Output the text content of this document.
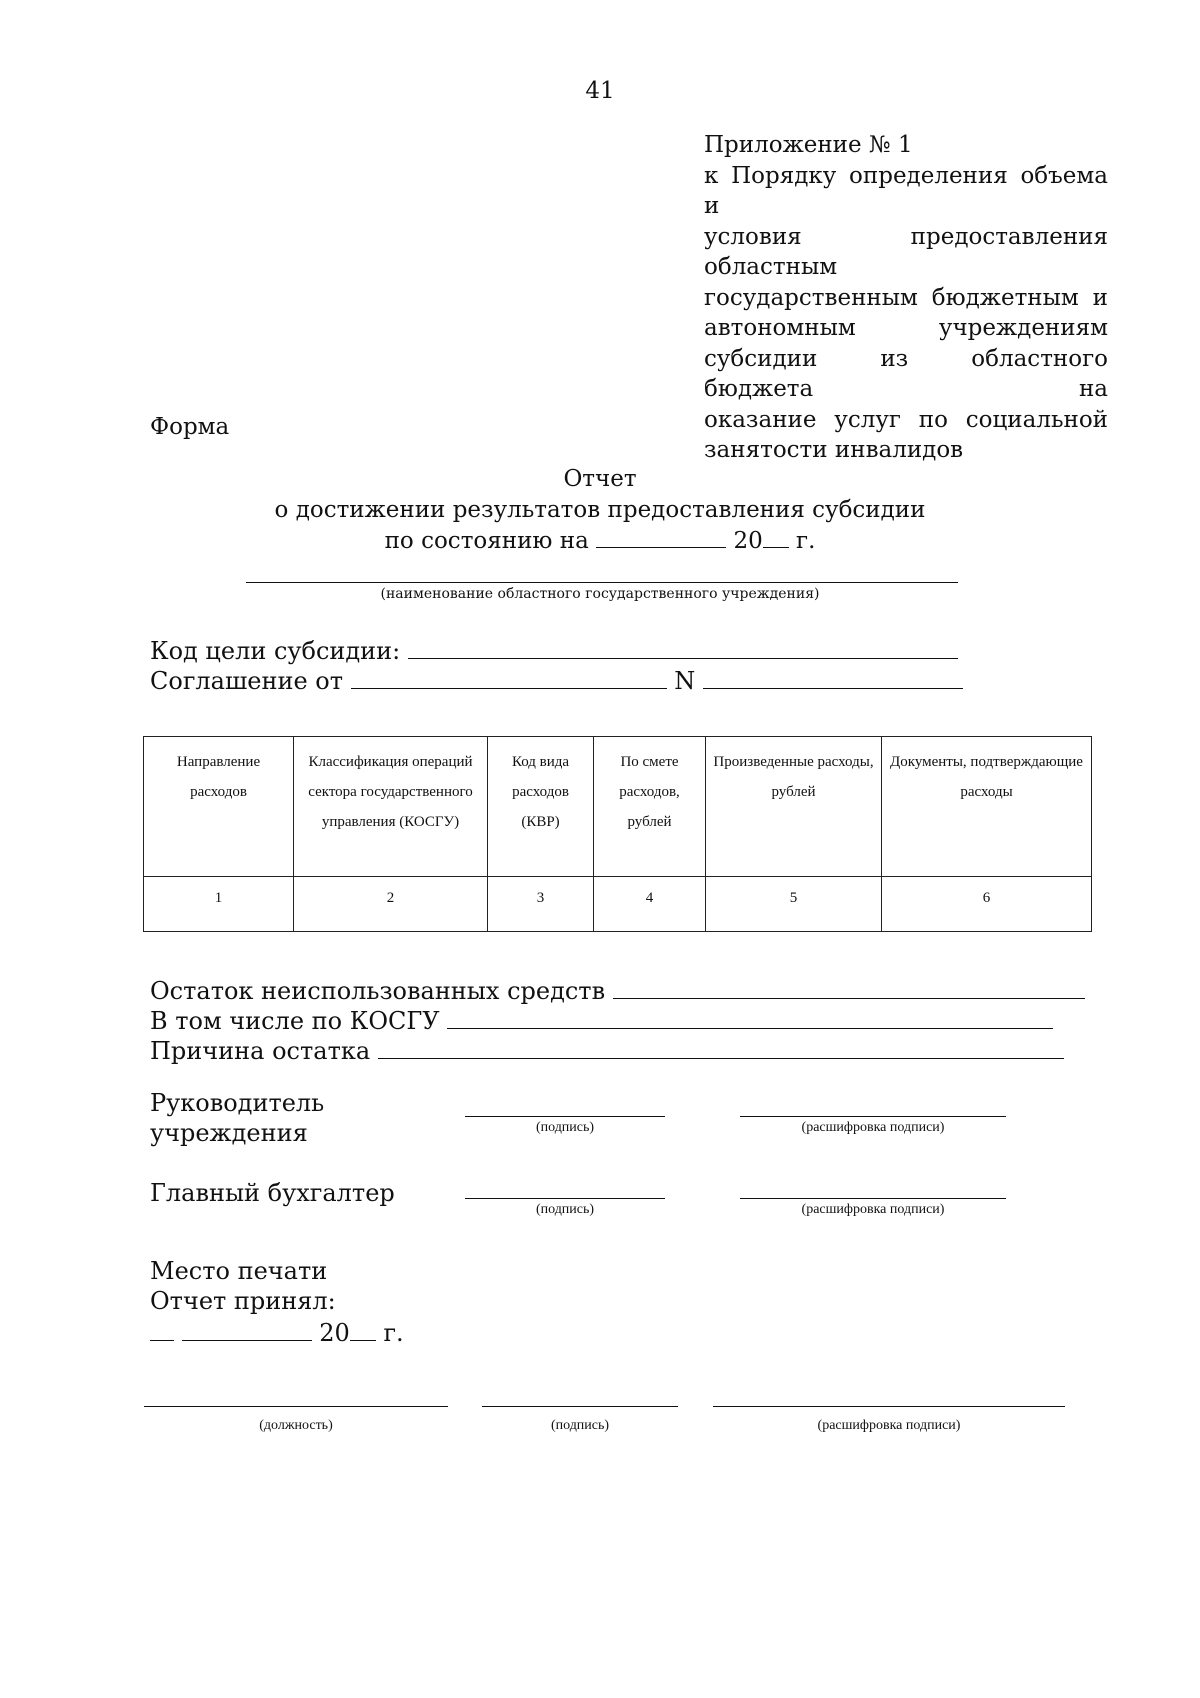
41
Приложение № 1
к Порядку определения объема и
условия предоставления областным
государственным бюджетным и
автономным учреждениям
субсидии из областного бюджета на
оказание услуг по социальной
занятости инвалидов
Форма
Отчет
о достижении результатов предоставления субсидии
по состоянию на	20 г.
(наименование областного государственного учреждения)
Код цели субсидии:
Соглашение от	N
Направление расходов	Классификация операций сектора государственного управления (КОСГУ)	Код вида расходов (КВР)	По смете расходов, рублей	Произведенные расходы, рублей	Документы, подтверждающие расходы
1	2	3	4	5	6
Остаток неиспользованных средств
В том числе по КОСГУ
Причина остатка
Руководитель
учреждения	(подпись)	(расшифровка подписи)
Главный бухгалтер
(подпись)	(расшифровка подписи)
Место печати
Отчет принял:
20 г.
(должность)	(подпись)	(расшифровка подписи)
